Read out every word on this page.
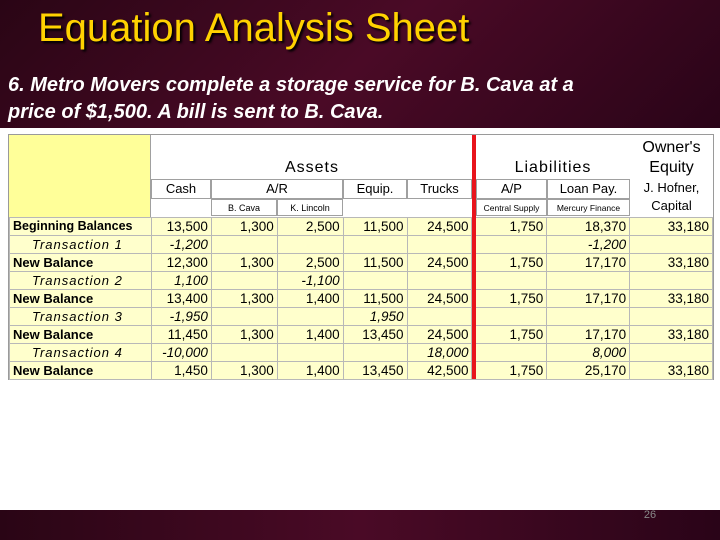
Equation Analysis Sheet
6. Metro Movers complete a storage service for B. Cava at a
price of $1,500. A bill is sent to B. Cava.
Assets	Liabilities
Owner's
Equity
Cash	A/R	Equip.	Trucks	A/P	Loan Pay.	J. Hofner,
Capital
B. Cava	K. Lincoln	Central Supply	Mercury Finance
Beginning Balances	13,500	1,300	2,500	11,500	24,500		1,750	18,370	33,180
Transaction 1	-1,200							-1,200	
New Balance	12,300	1,300	2,500	11,500	24,500		1,750	17,170	33,180
Transaction 2	1,100		-1,100						
New Balance	13,400	1,300	1,400	11,500	24,500		1,750	17,170	33,180
Transaction 3	-1,950			1,950					
New Balance	11,450	1,300	1,400	13,450	24,500		1,750	17,170	33,180
Transaction 4	-10,000				18,000			8,000	
New Balance	1,450	1,300	1,400	13,450	42,500		1,750	25,170	33,180
26
